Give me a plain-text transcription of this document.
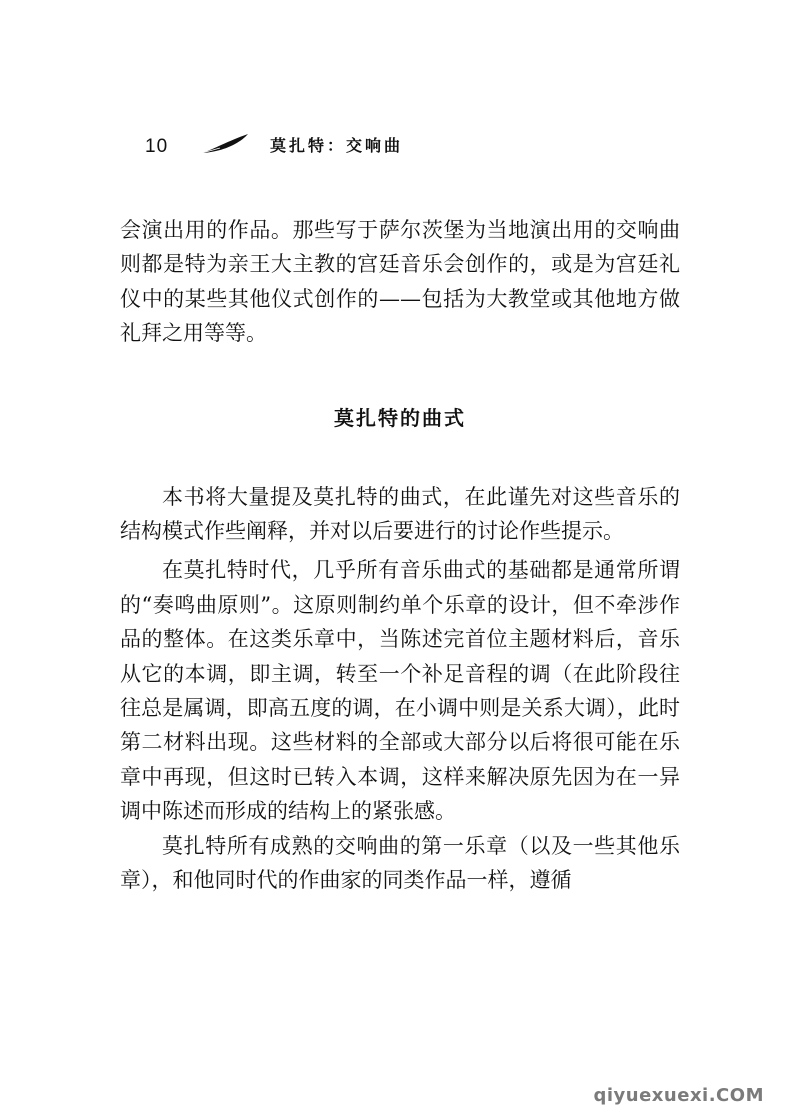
10	莫扎特：交响曲

会演出用的作品。那些写于萨尔茨堡为当地演出用的交响曲则都是特为亲王大主教的宫廷音乐会创作的，或是为宫廷礼仪中的某些其他仪式创作的——包括为大教堂或其他地方做礼拜之用等等。

莫扎特的曲式

本书将大量提及莫扎特的曲式，在此谨先对这些音乐的结构模式作些阐释，并对以后要进行的讨论作些提示。

在莫扎特时代，几乎所有音乐曲式的基础都是通常所谓的“奏鸣曲原则”。这原则制约单个乐章的设计，但不牵涉作品的整体。在这类乐章中，当陈述完首位主题材料后，音乐从它的本调，即主调，转至一个补足音程的调（在此阶段往往总是属调，即高五度的调，在小调中则是关系大调），此时第二材料出现。这些材料的全部或大部分以后将很可能在乐章中再现，但这时已转入本调，这样来解决原先因为在一异调中陈述而形成的结构上的紧张感。

莫扎特所有成熟的交响曲的第一乐章（以及一些其他乐章），和他同时代的作曲家的同类作品一样，遵循

qiyuexuexi.COM
